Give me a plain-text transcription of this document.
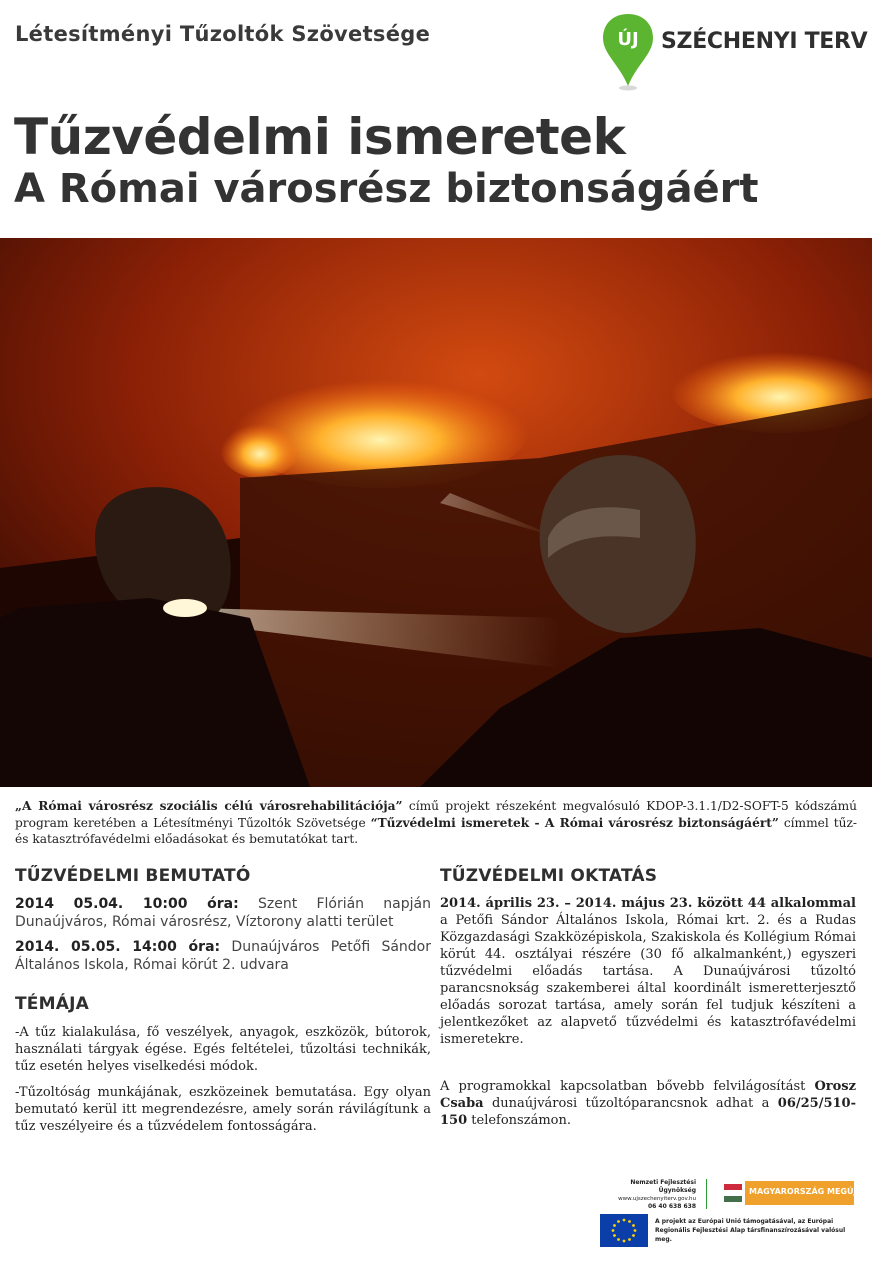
Létesítményi Tűzoltók Szövetsége	ÚJ SZÉCHENYI TERV
Tűzvédelmi ismeretek
A Római városrész biztonságáért
„A Római városrész szociális célú városrehabilitációja” című projekt részeként megvalósuló KDOP-3.1.1/D2-SOFT-5 kódszámú program keretében a Létesítményi Tűzoltók Szövetsége “Tűzvédelmi ismeretek - A Római városrész biztonságáért” címmel tűz- és katasztrófavédelmi előadásokat és bemutatókat tart.
TŰZVÉDELMI BEMUTATÓ

2014 05.04. 10:00 óra: Szent Flórián napján Dunaújváros, Római városrész, Víztorony alatti terület

2014. 05.05. 14:00 óra: Dunaújváros Petőfi Sándor Általános Iskola, Római körút 2. udvara

TÉMÁJA

-A tűz kialakulása, fő veszélyek, anyagok, eszközök, bútorok, használati tárgyak égése. Egés feltételei, tűzoltási technikák, tűz esetén helyes viselkedési módok.

-Tűzoltóság munkájának, eszközeinek bemutatása. Egy olyan bemutató kerül itt megrendezésre, amely során rávilágítunk a tűz veszélyeire és a tűzvédelem fontosságára.

TŰZVÉDELMI OKTATÁS

2014. április 23. – 2014. május 23. között 44 alkalommal a Petőfi Sándor Általános Iskola, Római krt. 2. és a Rudas Közgazdasági Szakközépiskola, Szakiskola és Kollégium Római körút 44. osztályai részére (30 fő alkalmanként,) egyszeri tűzvédelmi előadás tartása. A Dunaújvárosi tűzoltó parancsnokság szakemberei által koordinált ismeretterjesztő előadás sorozat tartása, amely során fel tudjuk készíteni a jelentkezőket az alapvető tűzvédelmi és katasztrófavédelmi ismeretekre.

A programokkal kapcsolatban bővebb felvilágosítást Orosz Csaba dunaújvárosi tűzoltóparancsnok adhat a 06/25/510-150 telefonszámon.

Nemzeti Fejlesztési Ügynökség
www.ujszechenyiterv.gov.hu
06 40 638 638
MAGYARORSZÁG MEGÚJUL
A projekt az Európai Unió támogatásával, az Európai Regionális Fejlesztési Alap társfinanszírozásával valósul meg.
